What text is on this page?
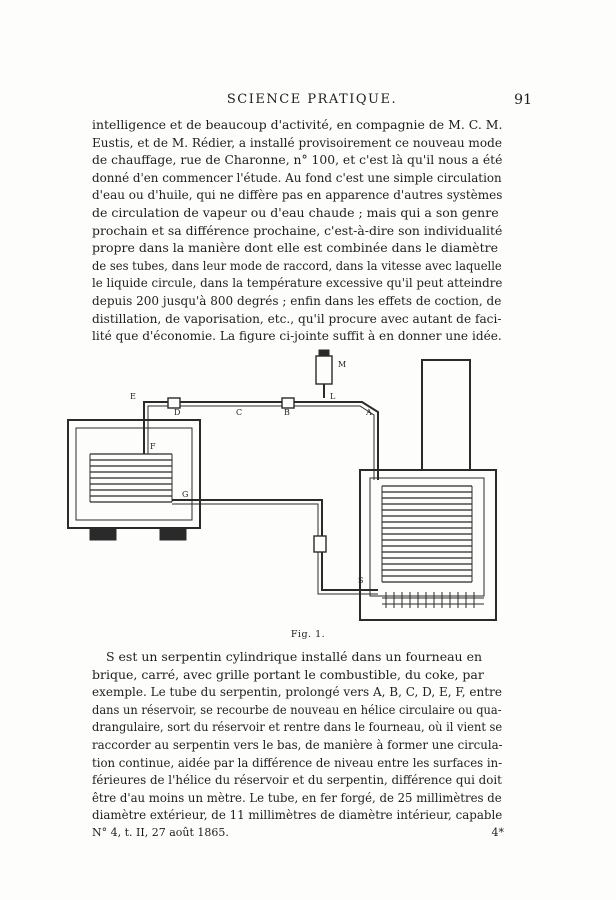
SCIENCE PRATIQUE.	91
intelligence et de beaucoup d'activité, en compagnie de M. C. M.
Eustis, et de M. Rédier, a installé provisoirement ce nouveau mode
de chauffage, rue de Charonne, n° 100, et c'est là qu'il nous a été
donné d'en commencer l'étude. Au fond c'est une simple circulation
d'eau ou d'huile, qui ne diffère pas en apparence d'autres systèmes
de circulation de vapeur ou d'eau chaude ; mais qui a son genre
prochain et sa différence prochaine, c'est-à-dire son individualité
propre dans la manière dont elle est combinée dans le diamètre
de ses tubes, dans leur mode de raccord, dans la vitesse avec laquelle
le liquide circule, dans la température excessive qu'il peut atteindre
depuis 200 jusqu'à 800 degrés ; enfin dans les effets de coction, de
distillation, de vaporisation, etc., qu'il procure avec autant de faci-
lité que d'économie. La figure ci-jointe suffit à en donner une idée.
M
L
A
B
C
D
E
F
G
S
Fig. 1.
S est un serpentin cylindrique installé dans un fourneau en
brique, carré, avec grille portant le combustible, du coke, par
exemple. Le tube du serpentin, prolongé vers A, B, C, D, E, F, entre
dans un réservoir, se recourbe de nouveau en hélice circulaire ou qua-
drangulaire, sort du réservoir et rentre dans le fourneau, où il vient se
raccorder au serpentin vers le bas, de manière à former une circula-
tion continue, aidée par la différence de niveau entre les surfaces in-
férieures de l'hélice du réservoir et du serpentin, différence qui doit
être d'au moins un mètre. Le tube, en fer forgé, de 25 millimètres de
diamètre extérieur, de 11 millimètres de diamètre intérieur, capable
N° 4, t. II, 27 août 1865.	4*
